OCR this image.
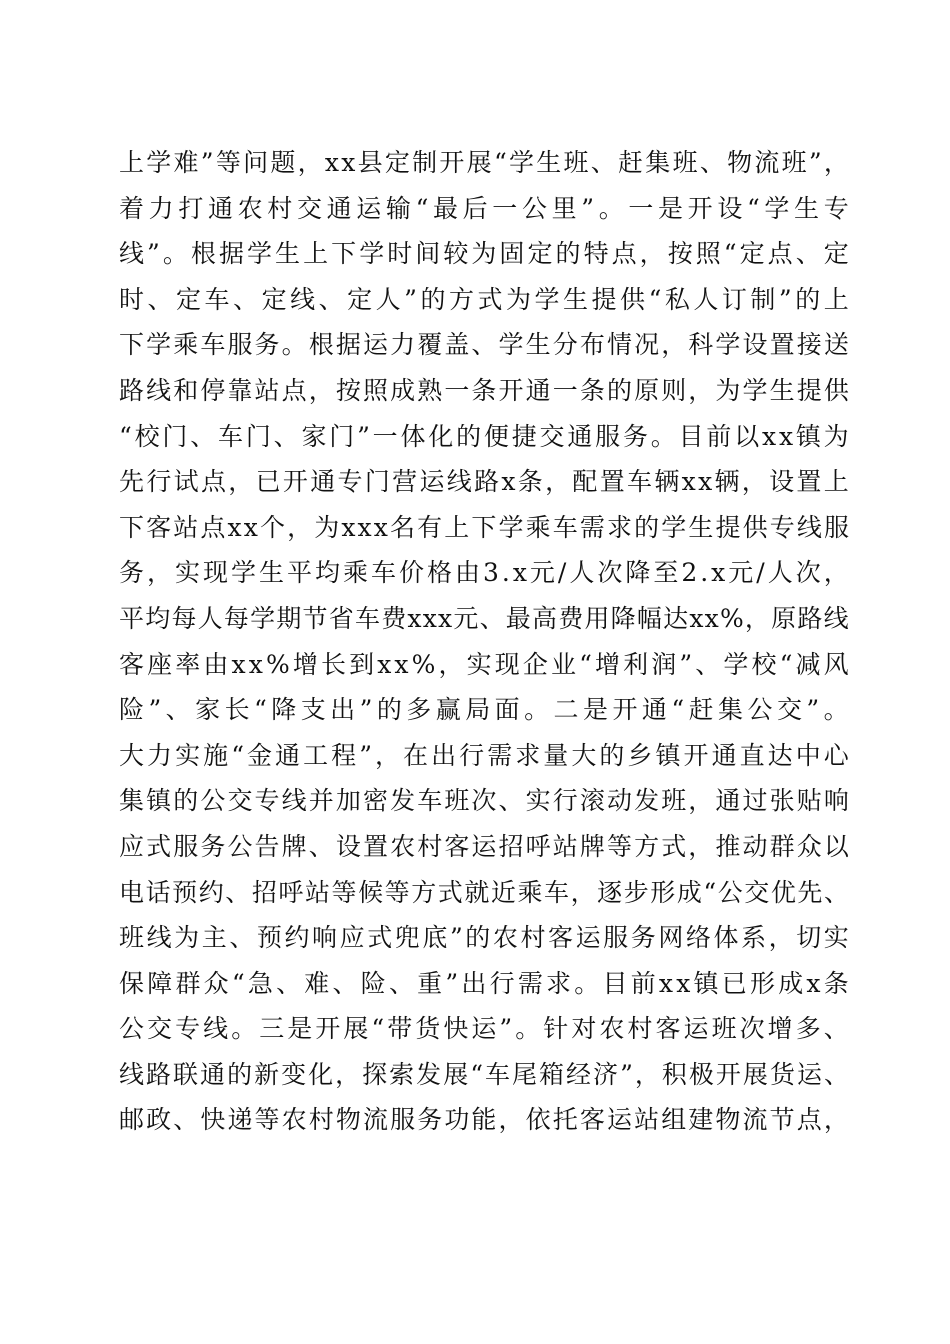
上 学 难 ” 等 问 题 ， x x 县 定 制 开 展 “ 学 生 班 、 赶 集 班 、 物 流 班 ” ，
着 力 打 通 农 村 交 通 运 输 “ 最 后 一 公 里 ” 。 一 是 开 设 “ 学 生 专
线 ” 。 根 据 学 生 上 下 学 时 间 较 为 固 定 的 特 点 ， 按 照 “ 定 点 、 定
时 、 定 车 、 定 线 、 定 人 ” 的 方 式 为 学 生 提 供 “ 私 人 订 制 ” 的 上
下 学 乘 车 服 务 。 根 据 运 力 覆 盖 、 学 生 分 布 情 况 ， 科 学 设 置 接 送
路 线 和 停 靠 站 点 ， 按 照 成 熟 一 条 开 通 一 条 的 原 则 ， 为 学 生 提 供
“ 校 门 、 车 门 、 家 门 ” 一 体 化 的 便 捷 交 通 服 务 。 目 前 以 x x 镇 为
先 行 试 点 ， 已 开 通 专 门 营 运 线 路 x 条 ， 配 置 车 辆 x x 辆 ， 设 置 上
下 客 站 点 x x 个 ， 为 x x x 名 有 上 下 学 乘 车 需 求 的 学 生 提 供 专 线 服
务 ， 实 现 学 生 平 均 乘 车 价 格 由 3 . x 元 / 人 次 降 至 2 . x 元 / 人 次 ，
平 均 每 人 每 学 期 节 省 车 费 x x x 元 、 最 高 费 用 降 幅 达 x x % ， 原 路 线
客 座 率 由 x x % 增 长 到 x x % ， 实 现 企 业 “ 增 利 润 ” 、 学 校 “ 减 风
险 ” 、 家 长 “ 降 支 出 ” 的 多 赢 局 面 。 二 是 开 通 “ 赶 集 公 交 ” 。
大 力 实 施 “ 金 通 工 程 ” ， 在 出 行 需 求 量 大 的 乡 镇 开 通 直 达 中 心
集 镇 的 公 交 专 线 并 加 密 发 车 班 次 、 实 行 滚 动 发 班 ， 通 过 张 贴 响
应 式 服 务 公 告 牌 、 设 置 农 村 客 运 招 呼 站 牌 等 方 式 ， 推 动 群 众 以
电 话 预 约 、 招 呼 站 等 候 等 方 式 就 近 乘 车 ， 逐 步 形 成 “ 公 交 优 先 、
班 线 为 主 、 预 约 响 应 式 兜 底 ” 的 农 村 客 运 服 务 网 络 体 系 ， 切 实
保 障 群 众 “ 急 、 难 、 险 、 重 ” 出 行 需 求 。 目 前 x x 镇 已 形 成 x 条
公 交 专 线 。 三 是 开 展 “ 带 货 快 运 ” 。 针 对 农 村 客 运 班 次 增 多 、
线 路 联 通 的 新 变 化 ， 探 索 发 展 “ 车 尾 箱 经 济 ” ， 积 极 开 展 货 运 、
邮 政 、 快 递 等 农 村 物 流 服 务 功 能 ， 依 托 客 运 站 组 建 物 流 节 点 ，
